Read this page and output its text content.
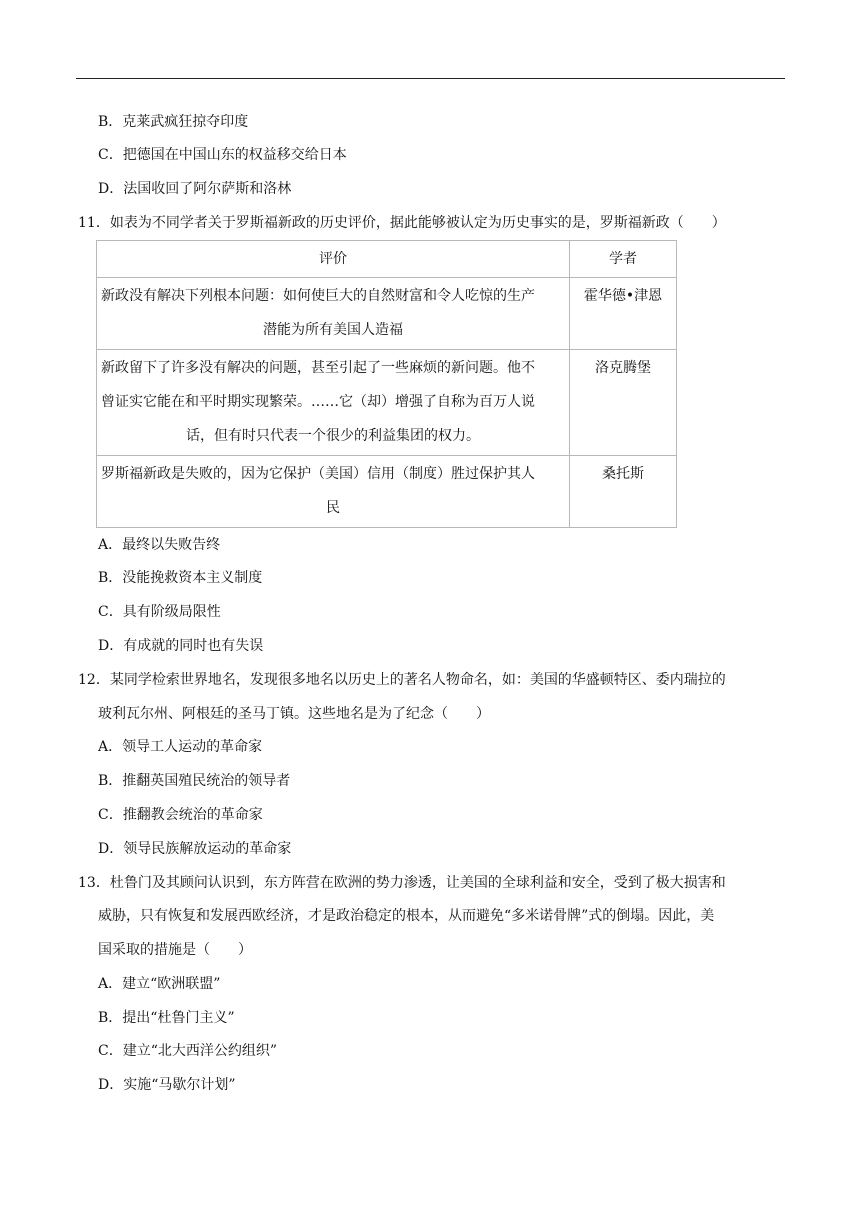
B．克莱武疯狂掠夺印度
C．把德国在中国山东的权益移交给日本
D．法国收回了阿尔萨斯和洛林
11．如表为不同学者关于罗斯福新政的历史评价，据此能够被认定为历史事实的是，罗斯福新政（　　）
评价	学者

新政没有解决下列根本问题：如何使巨大的自然财富和令人吃惊的生产
潜能为所有美国人造福	霍华德•津恩

新政留下了许多没有解决的问题，甚至引起了一些麻烦的新问题。他不
曾证实它能在和平时期实现繁荣。……它（却）增强了自称为百万人说
话，但有时只代表一个很少的利益集团的权力。	洛克腾堡

罗斯福新政是失败的，因为它保护（美国）信用（制度）胜过保护其人
民	桑托斯
A．最终以失败告终
B．没能挽救资本主义制度
C．具有阶级局限性
D．有成就的同时也有失误
12．某同学检索世界地名，发现很多地名以历史上的著名人物命名，如：美国的华盛顿特区、委内瑞拉的
玻利瓦尔州、阿根廷的圣马丁镇。这些地名是为了纪念（　　）
A．领导工人运动的革命家
B．推翻英国殖民统治的领导者
C．推翻教会统治的革命家
D．领导民族解放运动的革命家
13．杜鲁门及其顾问认识到，东方阵营在欧洲的势力渗透，让美国的全球利益和安全，受到了极大损害和
威胁，只有恢复和发展西欧经济，才是政治稳定的根本，从而避免“多米诺骨牌”式的倒塌。因此，美
国采取的措施是（　　）
A．建立“欧洲联盟”
B．提出“杜鲁门主义”
C．建立“北大西洋公约组织”
D．实施“马歇尔计划”
